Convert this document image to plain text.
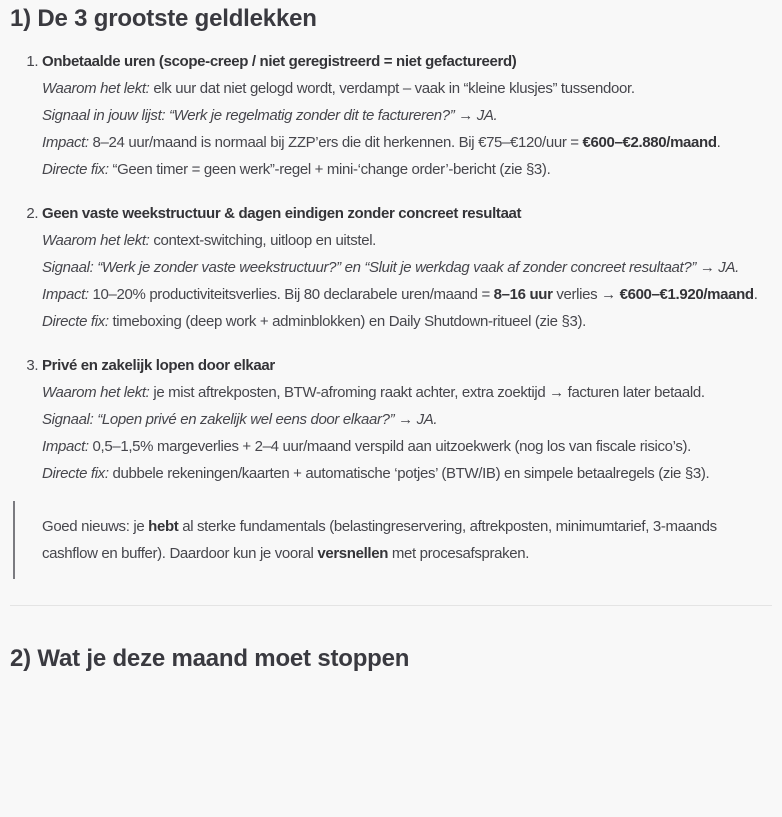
1) De 3 grootste geldlekken

1. Onbetaalde uren (scope-creep / niet geregistreerd = niet gefactureerd)

Waarom het lekt: elk uur dat niet gelogd wordt, verdampt – vaak in “kleine klusjes” tussendoor.

Signaal in jouw lijst: “Werk je regelmatig zonder dit te factureren?” → JA.

Impact: 8–24 uur/maand is normaal bij ZZP’ers die dit herkennen. Bij €75–€120/uur = €600–€2.880/maand.

Directe fix: “Geen timer = geen werk”-regel + mini-‘change order’-bericht (zie §3).

2. Geen vaste weekstructuur & dagen eindigen zonder concreet resultaat

Waarom het lekt: context-switching, uitloop en uitstel.

Signaal: “Werk je zonder vaste weekstructuur?” en “Sluit je werkdag vaak af zonder concreet resultaat?” → JA.

Impact: 10–20% productiviteitsverlies. Bij 80 declarabele uren/maand = 8–16 uur verlies → €600–€1.920/maand.

Directe fix: timeboxing (deep work + adminblokken) en Daily Shutdown-ritueel (zie §3).

3. Privé en zakelijk lopen door elkaar

Waarom het lekt: je mist aftrekposten, BTW-afroming raakt achter, extra zoektijd → facturen later betaald.

Signaal: “Lopen privé en zakelijk wel eens door elkaar?” → JA.

Impact: 0,5–1,5% margeverlies + 2–4 uur/maand verspild aan uitzoekwerk (nog los van fiscale risico’s).

Directe fix: dubbele rekeningen/kaarten + automatische ‘potjes’ (BTW/IB) en simpele betaalregels (zie §3).

Goed nieuws: je hebt al sterke fundamentals (belastingreservering, aftrekposten, minimumtarief, 3-maands cashflow en buffer). Daardoor kun je vooral versnellen met procesafspraken.

2) Wat je deze maand moet stoppen
